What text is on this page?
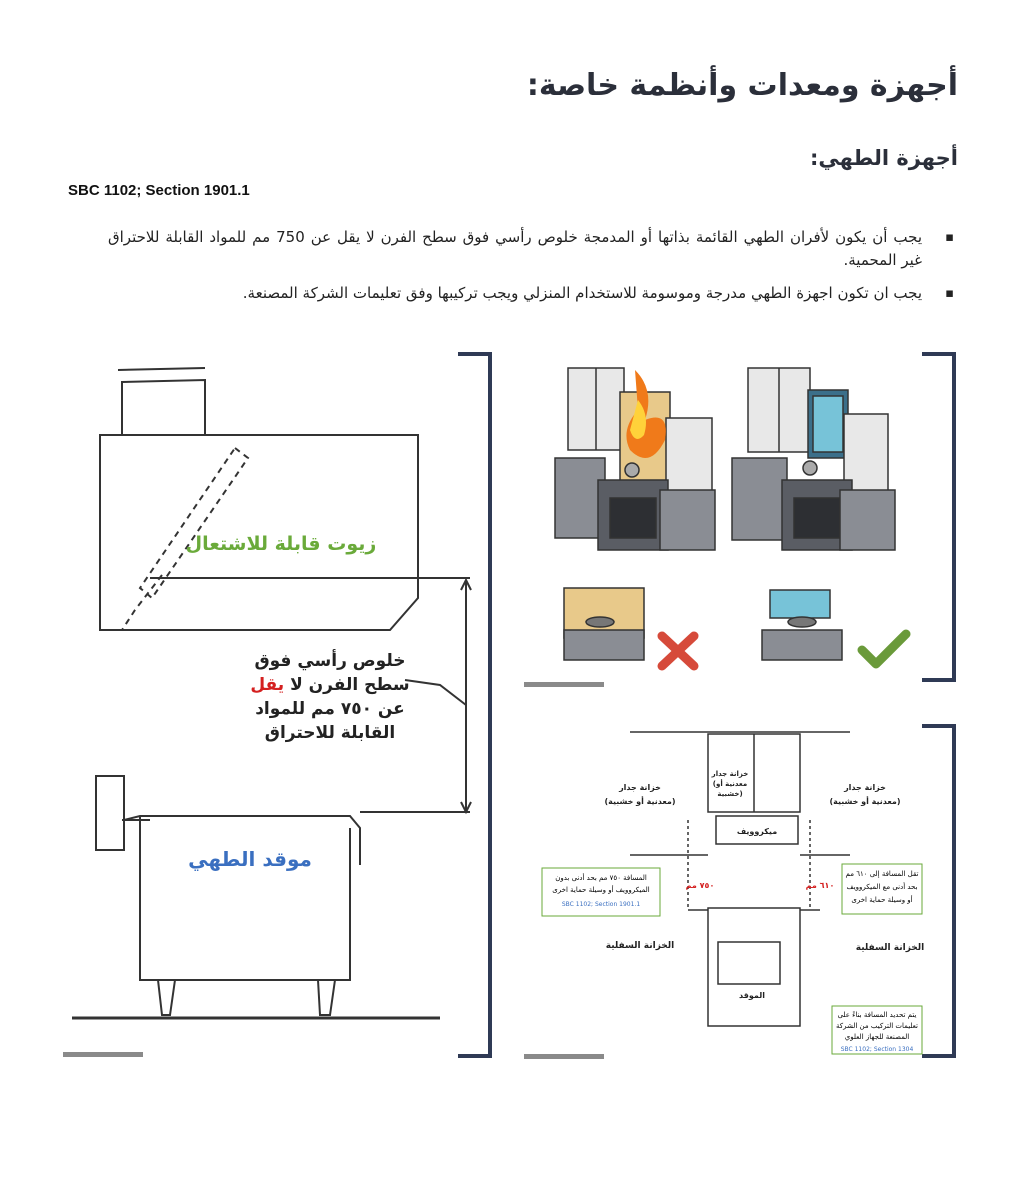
أجهزة ومعدات وأنظمة خاصة:
أجهزة الطهي:
SBC 1102; Section 1901.1
▪ يجب أن يكون لأفران الطهي القائمة بذاتها أو المدمجة خلوص رأسي فوق سطح الفرن لا يقل عن 750 مم للمواد القابلة للاحتراق غير المحمية.
▪ يجب ان تكون اجهزة الطهي مدرجة وموسومة للاستخدام المنزلي ويجب تركيبها وفق تعليمات الشركة المصنعة.
زيوت قابلة للاشتعال
خلوص رأسي فوق
سطح الفرن لا يقل
عن ٧٥٠ مم للمواد
القابلة للاحتراق
موقد الطهي
خزانة جدار
(معدنية أو خشبية)
خزانة جدار
(معدنية أو خشبية)
خزانة جدار
(معدنية أو
خشبية)
ميكروويف
٧٥٠ مم	٦١٠ مم
الخزانة السفلية	الخزانة السفلية
الموقد
المسافة ٧٥٠ مم بحد أدنى بدون
الميكروويف أو وسيلة حماية اخرى
SBC 1102; Section 1901.1
تقل المسافة إلى ٦١٠ مم
بحد أدنى مع الميكروويف
أو وسيلة حماية اخرى
يتم تحديد المسافة بناءً على
تعليمات التركيب من الشركة
المصنعة للجهاز العلوي
SBC 1102; Section 1304
